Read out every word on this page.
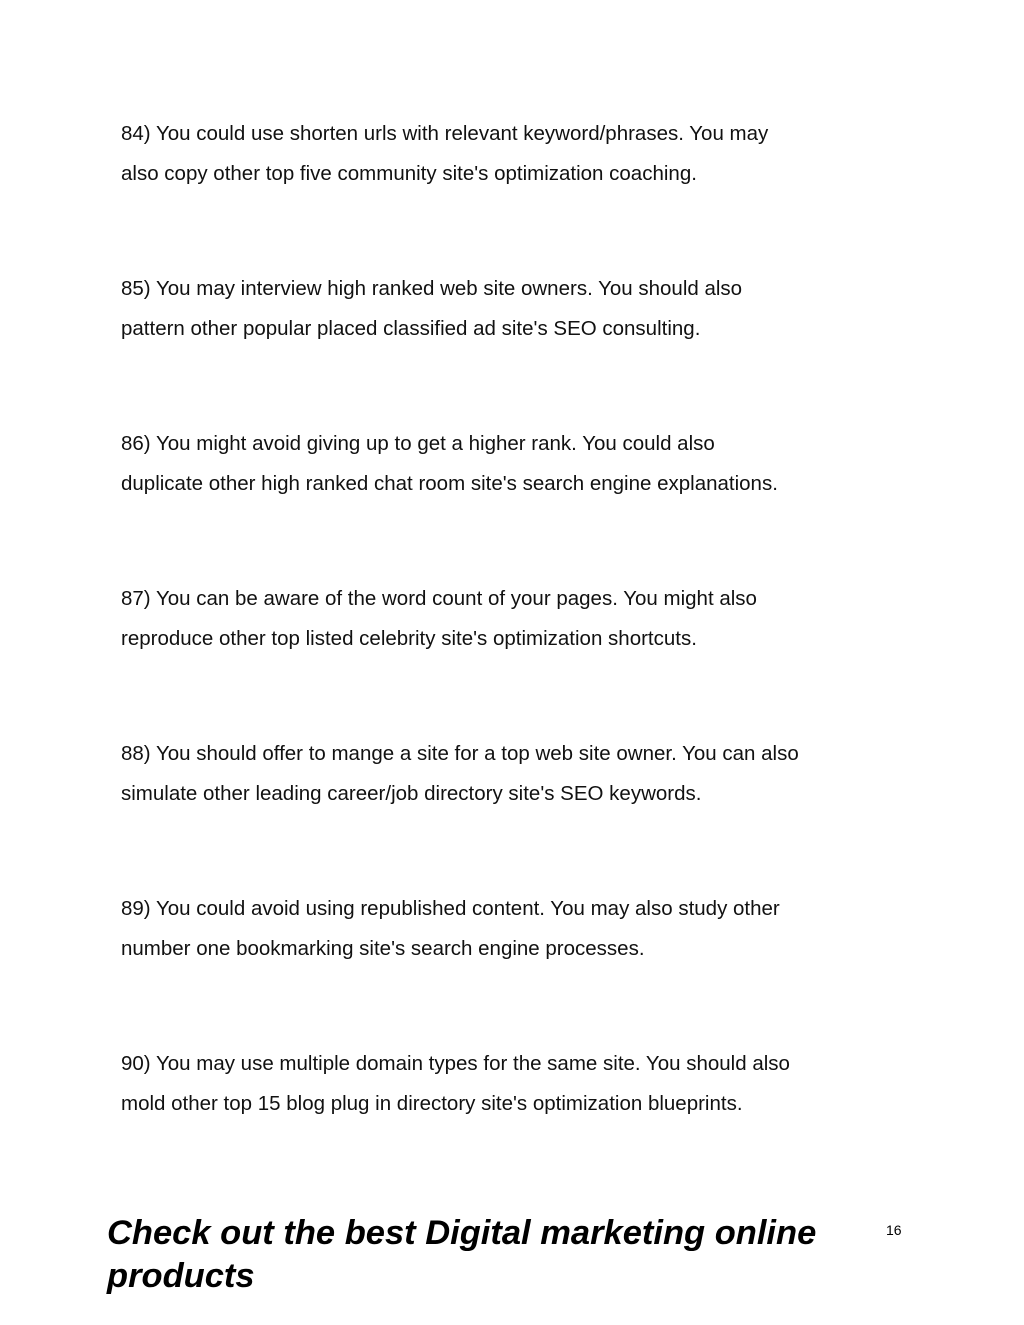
84) You could use shorten urls with relevant keyword/phrases. You may
also copy other top five community site's optimization coaching.
85) You may interview high ranked web site owners. You should also
pattern other popular placed classified ad site's SEO consulting.
86) You might avoid giving up to get a higher rank. You could also
duplicate other high ranked chat room site's search engine explanations.
87) You can be aware of the word count of your pages. You might also
reproduce other top listed celebrity site's optimization shortcuts.
88) You should offer to mange a site for a top web site owner. You can also
simulate other leading career/job directory site's SEO keywords.
89) You could avoid using republished content. You may also study other
number one bookmarking site's search engine processes.
90) You may use multiple domain types for the same site. You should also
mold other top 15 blog plug in directory site's optimization blueprints.

Check out the best Digital marketing online
products

16
